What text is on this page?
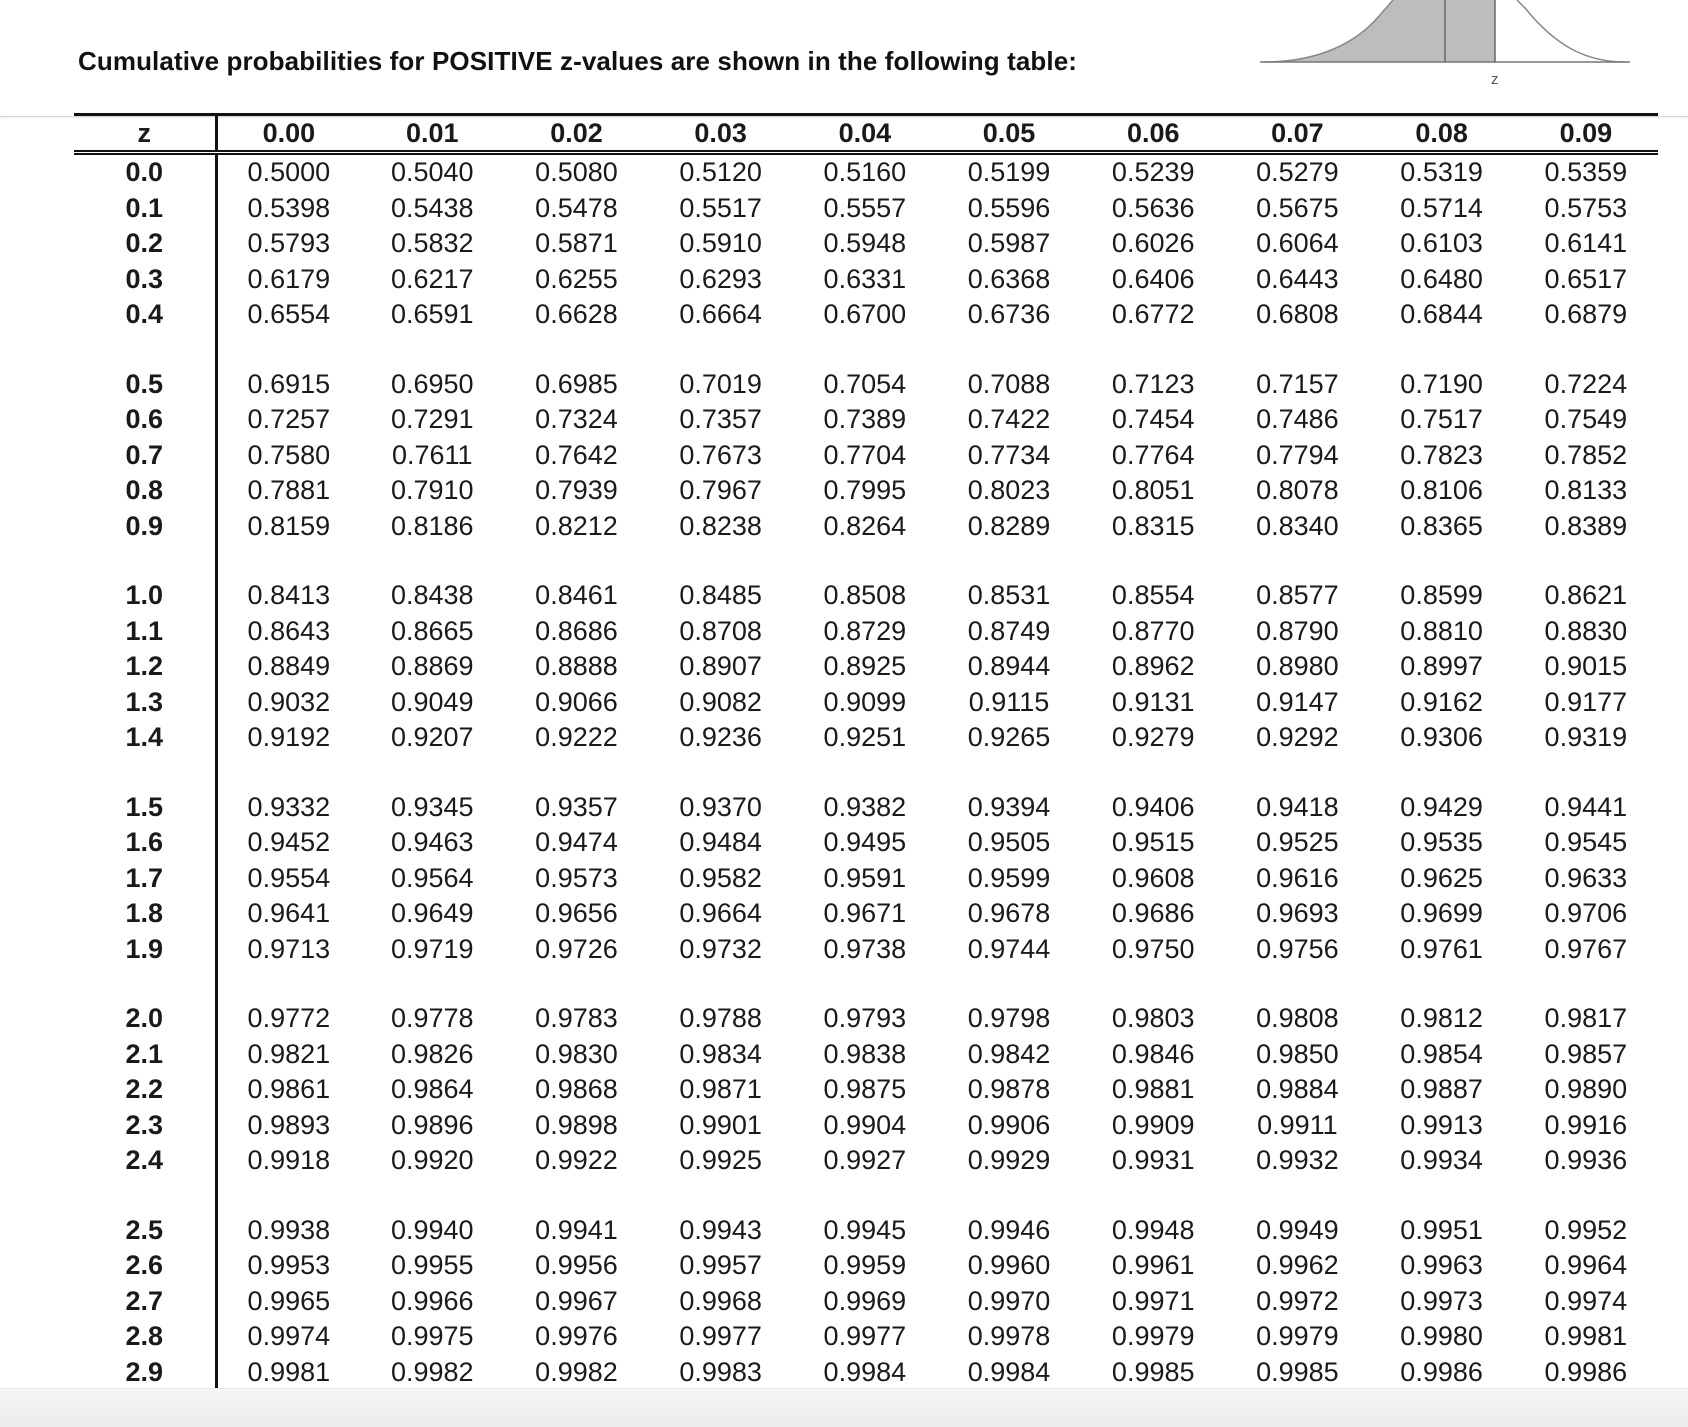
Cumulative probabilities for POSITIVE z-values are shown in the following table:
z
z	0.00	0.01	0.02	0.03	0.04	0.05	0.06	0.07	0.08	0.09
0.0	0.5000	0.5040	0.5080	0.5120	0.5160	0.5199	0.5239	0.5279	0.5319	0.5359
0.1	0.5398	0.5438	0.5478	0.5517	0.5557	0.5596	0.5636	0.5675	0.5714	0.5753
0.2	0.5793	0.5832	0.5871	0.5910	0.5948	0.5987	0.6026	0.6064	0.6103	0.6141
0.3	0.6179	0.6217	0.6255	0.6293	0.6331	0.6368	0.6406	0.6443	0.6480	0.6517
0.4	0.6554	0.6591	0.6628	0.6664	0.6700	0.6736	0.6772	0.6808	0.6844	0.6879

0.5	0.6915	0.6950	0.6985	0.7019	0.7054	0.7088	0.7123	0.7157	0.7190	0.7224
0.6	0.7257	0.7291	0.7324	0.7357	0.7389	0.7422	0.7454	0.7486	0.7517	0.7549
0.7	0.7580	0.7611	0.7642	0.7673	0.7704	0.7734	0.7764	0.7794	0.7823	0.7852
0.8	0.7881	0.7910	0.7939	0.7967	0.7995	0.8023	0.8051	0.8078	0.8106	0.8133
0.9	0.8159	0.8186	0.8212	0.8238	0.8264	0.8289	0.8315	0.8340	0.8365	0.8389

1.0	0.8413	0.8438	0.8461	0.8485	0.8508	0.8531	0.8554	0.8577	0.8599	0.8621
1.1	0.8643	0.8665	0.8686	0.8708	0.8729	0.8749	0.8770	0.8790	0.8810	0.8830
1.2	0.8849	0.8869	0.8888	0.8907	0.8925	0.8944	0.8962	0.8980	0.8997	0.9015
1.3	0.9032	0.9049	0.9066	0.9082	0.9099	0.9115	0.9131	0.9147	0.9162	0.9177
1.4	0.9192	0.9207	0.9222	0.9236	0.9251	0.9265	0.9279	0.9292	0.9306	0.9319

1.5	0.9332	0.9345	0.9357	0.9370	0.9382	0.9394	0.9406	0.9418	0.9429	0.9441
1.6	0.9452	0.9463	0.9474	0.9484	0.9495	0.9505	0.9515	0.9525	0.9535	0.9545
1.7	0.9554	0.9564	0.9573	0.9582	0.9591	0.9599	0.9608	0.9616	0.9625	0.9633
1.8	0.9641	0.9649	0.9656	0.9664	0.9671	0.9678	0.9686	0.9693	0.9699	0.9706
1.9	0.9713	0.9719	0.9726	0.9732	0.9738	0.9744	0.9750	0.9756	0.9761	0.9767

2.0	0.9772	0.9778	0.9783	0.9788	0.9793	0.9798	0.9803	0.9808	0.9812	0.9817
2.1	0.9821	0.9826	0.9830	0.9834	0.9838	0.9842	0.9846	0.9850	0.9854	0.9857
2.2	0.9861	0.9864	0.9868	0.9871	0.9875	0.9878	0.9881	0.9884	0.9887	0.9890
2.3	0.9893	0.9896	0.9898	0.9901	0.9904	0.9906	0.9909	0.9911	0.9913	0.9916
2.4	0.9918	0.9920	0.9922	0.9925	0.9927	0.9929	0.9931	0.9932	0.9934	0.9936

2.5	0.9938	0.9940	0.9941	0.9943	0.9945	0.9946	0.9948	0.9949	0.9951	0.9952
2.6	0.9953	0.9955	0.9956	0.9957	0.9959	0.9960	0.9961	0.9962	0.9963	0.9964
2.7	0.9965	0.9966	0.9967	0.9968	0.9969	0.9970	0.9971	0.9972	0.9973	0.9974
2.8	0.9974	0.9975	0.9976	0.9977	0.9977	0.9978	0.9979	0.9979	0.9980	0.9981
2.9	0.9981	0.9982	0.9982	0.9983	0.9984	0.9984	0.9985	0.9985	0.9986	0.9986
